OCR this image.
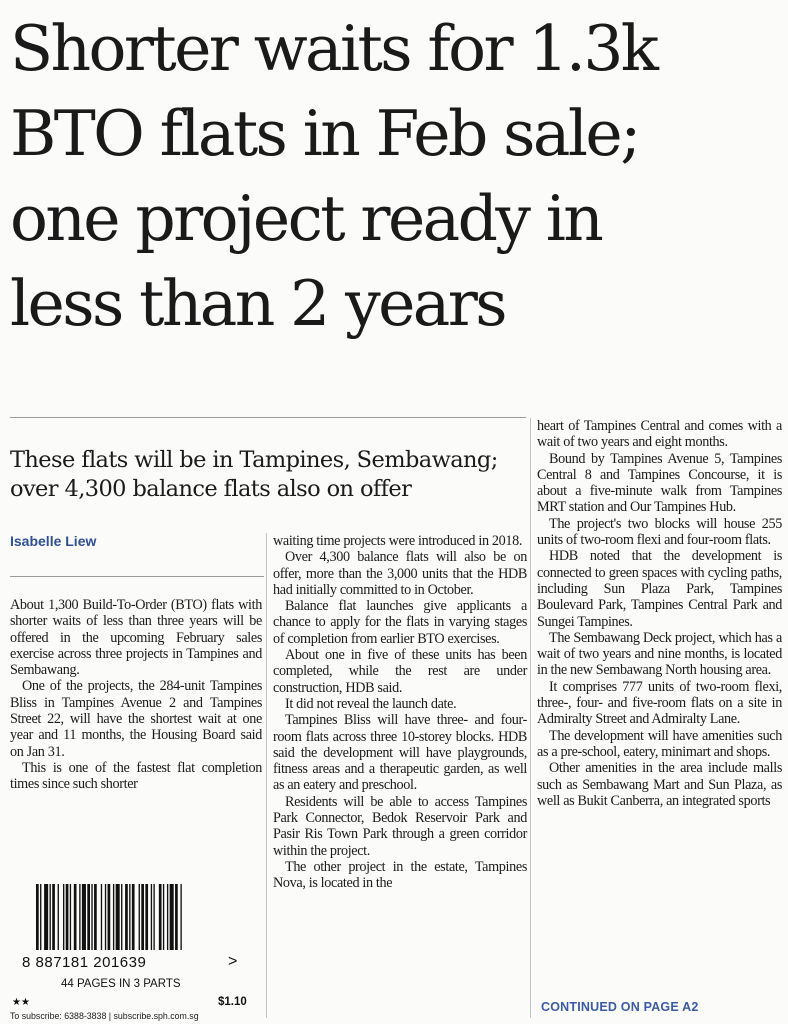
Shorter waits for 1.3k
BTO flats in Feb sale;
one project ready in
less than 2 years
These flats will be in Tampines, Sembawang;
over 4,300 balance flats also on offer
Isabelle Liew

About 1,300 Build-To-Order (BTO) flats with shorter waits of less than three years will be offered in the upcoming February sales exercise across three projects in Tampines and Sembawang.

One of the projects, the 284-unit Tampines Bliss in Tampines Avenue 2 and Tampines Street 22, will have the shortest wait at one year and 11 months, the Housing Board said on Jan 31.

This is one of the fastest flat completion times since such shorter

waiting time projects were introduced in 2018.

Over 4,300 balance flats will also be on offer, more than the 3,000 units that the HDB had initially committed to in October.

Balance flat launches give applicants a chance to apply for the flats in varying stages of completion from earlier BTO exercises.

About one in five of these units has been completed, while the rest are under construction, HDB said.

It did not reveal the launch date.

Tampines Bliss will have three- and four-room flats across three 10-storey blocks. HDB said the development will have playgrounds, fitness areas and a therapeutic garden, as well as an eatery and preschool.

Residents will be able to access Tampines Park Connector, Bedok Reservoir Park and Pasir Ris Town Park through a green corridor within the project.

The other project in the estate, Tampines Nova, is located in the

heart of Tampines Central and comes with a wait of two years and eight months.

Bound by Tampines Avenue 5, Tampines Central 8 and Tampines Concourse, it is about a five-minute walk from Tampines MRT station and Our Tampines Hub.

The project's two blocks will house 255 units of two-room flexi and four-room flats.

HDB noted that the development is connected to green spaces with cycling paths, including Sun Plaza Park, Tampines Boulevard Park, Tampines Central Park and Sungei Tampines.

The Sembawang Deck project, which has a wait of two years and nine months, is located in the new Sembawang North housing area.

It comprises 777 units of two-room flexi, three-, four- and five-room flats on a site in Admiralty Street and Admiralty Lane.

The development will have amenities such as a pre-school, eatery, minimart and shops.

Other amenities in the area include malls such as Sembawang Mart and Sun Plaza, as well as Bukit Canberra, an integrated sports

8 887181 201639	>
44 PAGES IN 3 PARTS
★★	$1.10
To subscribe: 6388-3838 | subscribe.sph.com.sg
CONTINUED ON PAGE A2
